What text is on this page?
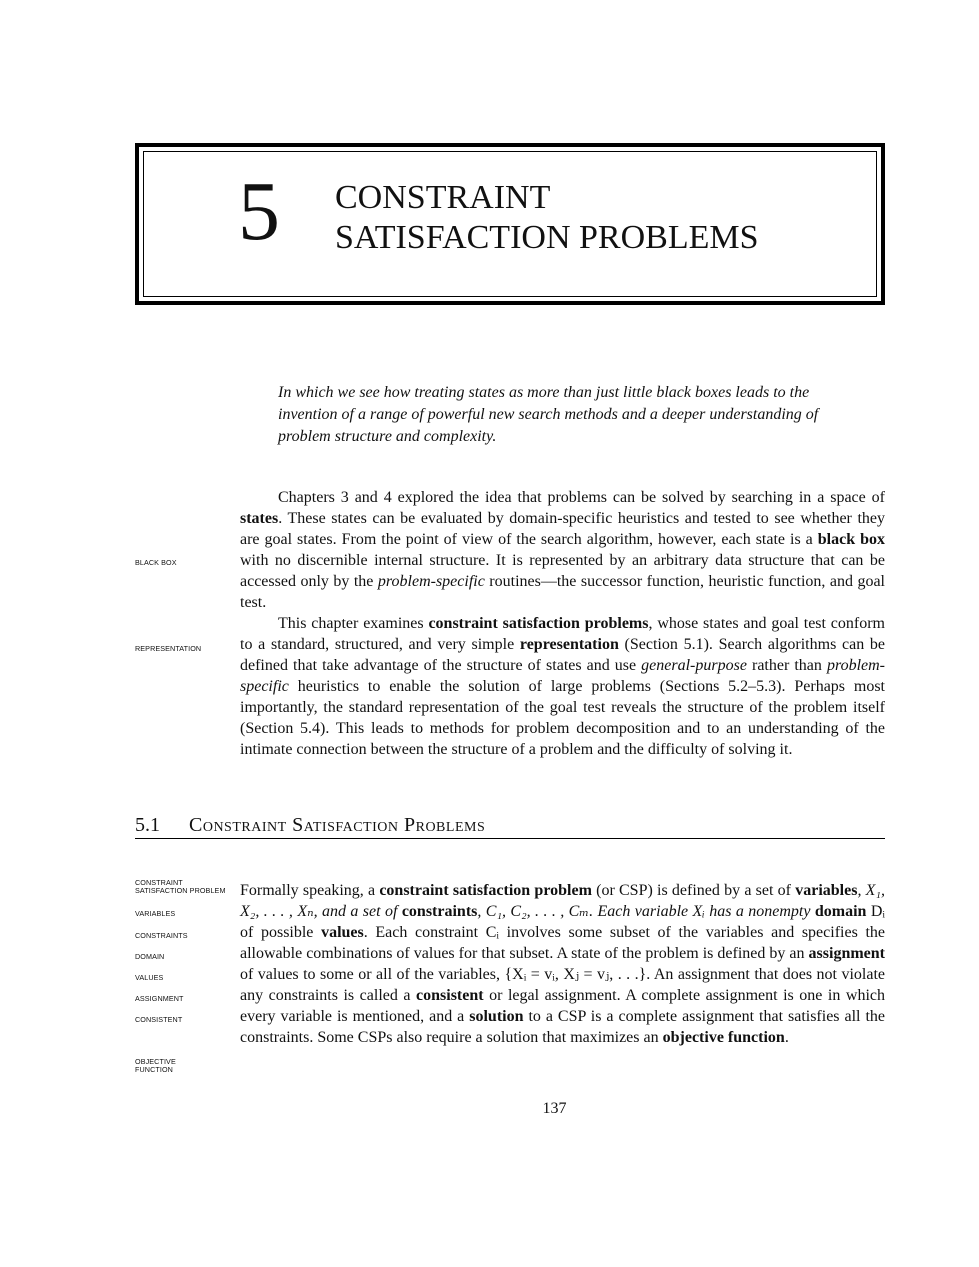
5 CONSTRAINT
SATISFACTION PROBLEMS
In which we see how treating states as more than just little black boxes leads to the invention of a range of powerful new search methods and a deeper understanding of problem structure and complexity.

Chapters 3 and 4 explored the idea that problems can be solved by searching in a space of states. These states can be evaluated by domain-specific heuristics and tested to see whether they are goal states. From the point of view of the search algorithm, however, each state is a black box with no discernible internal structure. It is represented by an arbitrary data structure that can be accessed only by the problem-specific routines—the successor function, heuristic function, and goal test.

This chapter examines constraint satisfaction problems, whose states and goal test conform to a standard, structured, and very simple representation (Section 5.1). Search algorithms can be defined that take advantage of the structure of states and use general-purpose rather than problem-specific heuristics to enable the solution of large problems (Sections 5.2–5.3). Perhaps most importantly, the standard representation of the goal test reveals the structure of the problem itself (Section 5.4). This leads to methods for problem decomposition and to an understanding of the intimate connection between the structure of a problem and the difficulty of solving it.

BLACK BOX
REPRESENTATION
5.1 Constraint Satisfaction Problems

Formally speaking, a constraint satisfaction problem (or CSP) is defined by a set of variables, X₁, X₂, . . . , Xₙ, and a set of constraints, C₁, C₂, . . . , Cₘ. Each variable Xᵢ has a nonempty domain Dᵢ of possible values. Each constraint Cᵢ involves some subset of the variables and specifies the allowable combinations of values for that subset. A state of the problem is defined by an assignment of values to some or all of the variables, {Xᵢ = vᵢ, Xⱼ = vⱼ, . . .}. An assignment that does not violate any constraints is called a consistent or legal assignment. A complete assignment is one in which every variable is mentioned, and a solution to a CSP is a complete assignment that satisfies all the constraints. Some CSPs also require a solution that maximizes an objective function.

CONSTRAINT SATISFACTION PROBLEM
VARIABLES
CONSTRAINTS
DOMAIN
VALUES
ASSIGNMENT
CONSISTENT
OBJECTIVE FUNCTION
137
